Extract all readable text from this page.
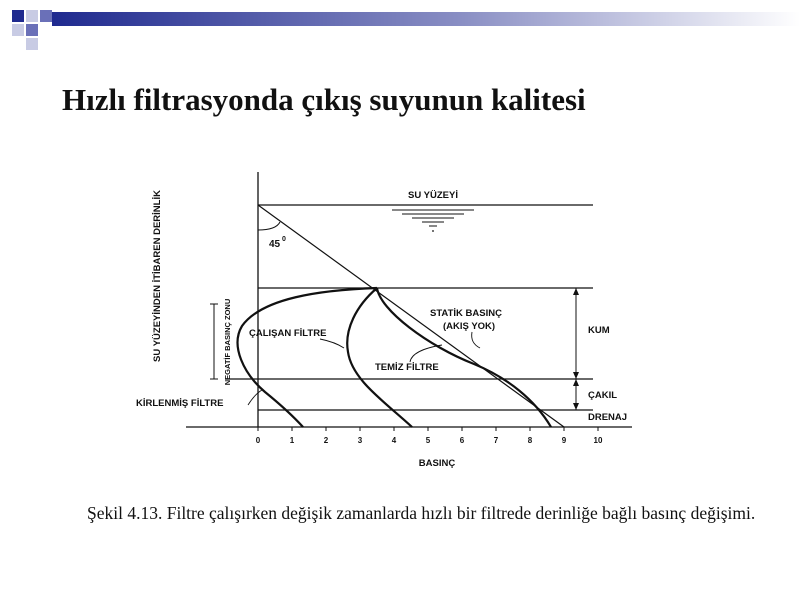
Hızlı filtrasyonda çıkış suyunun kalitesi
0	1	2	3	4	5	6	7	8	9	10
BASINÇ
SU YÜZEYİNDEN İTİBAREN DERİNLİK	SU YÜZEYİ
45 0
STATİK BASINÇ
(AKIŞ YOK)
ÇALIŞAN FİLTRE
TEMİZ FİLTRE
KİRLENMİŞ FİLTRE
NEGATİF BASINÇ ZONU	KUM
ÇAKIL
DRENAJ

Şekil 4.13. Filtre çalışırken değişik zamanlarda hızlı bir filtrede derinliğe bağlı basınç değişimi.
